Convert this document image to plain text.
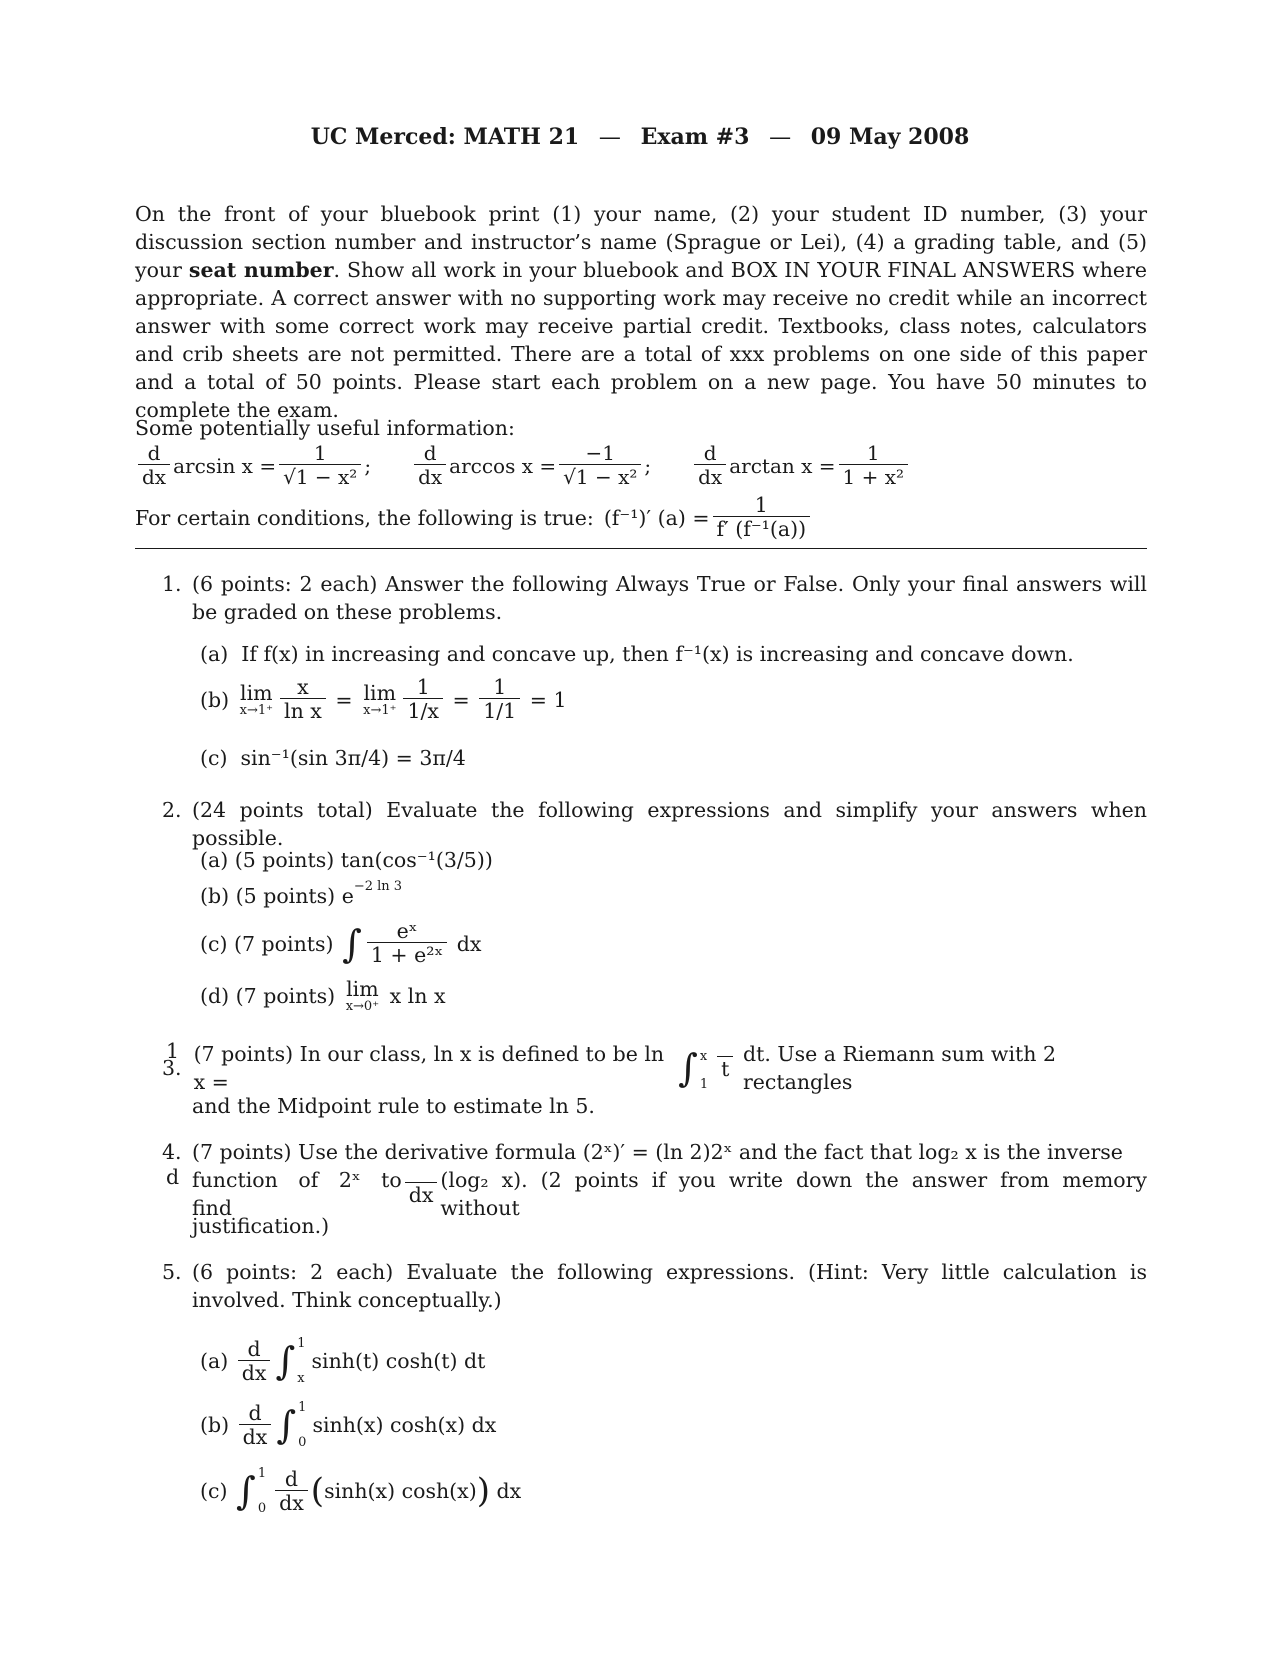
UC Merced: MATH 21 — Exam #3 — 09 May 2008
On the front of your bluebook print (1) your name, (2) your student ID number, (3) your discussion section number and instructor’s name (Sprague or Lei), (4) a grading table, and (5) your seat number. Show all work in your bluebook and BOX IN YOUR FINAL ANSWERS where appropriate. A correct answer with no supporting work may receive no credit while an incorrect answer with some correct work may receive partial credit. Textbooks, class notes, calculators and crib sheets are not permitted. There are a total of xxx problems on one side of this paper and a total of 50 points. Please start each problem on a new page. You have 50 minutes to complete the exam.
Some potentially useful information:
$\frac{d}{dx}$ $\arcsin x = \frac{1}{\text{√1 − x²}}$ ; $\frac{d}{dx}$ $\arccos x = \frac{-1}{\text{√1 − x²}}$ ; $\frac{d}{dx}$ $\arctan x = \frac{1}{\text{1 + x²}}$
For certain conditions, the following is true: (f⁻¹)′ $(a) = \frac{1}{\text{f′ (f⁻¹(a))}}$
1. (6 points: 2 each) Answer the following Always True or False. Only your final answers will be graded on these problems.
(a)
If f(x) in increasing and concave up, then f⁻¹(x) is increasing and concave down.
(b)
lim
$x\to 1^+ \frac{x}{\text{ln x}}$
=
lim
$x\to 1^+ \frac{1}{1/x}$
=
$\frac{1}{1/1}$
= 1
(c)
sin⁻¹(sin 3π/4) = 3π/4
2. (24 points total) Evaluate the following expressions and simplify your answers when possible.
(a) (5 points) tan(cos⁻¹(3/5))
(b) (5 points) $e^{-2 ln 3}$
(c) (7 points)
∫ $\frac{\text{eˣ}}{\text{1 + e²ˣ}}$
dx
(d) (7 points)
lim
x→0⁺
x ln x
3.
(7 points) In our class, ln x is defined to be ln x =	∫ x
1
1
t

dt. Use a Riemann sum with 2 rectangles
and the Midpoint rule to estimate ln 5.
4. (7 points) Use the derivative formula (2ˣ)′ = (ln 2)2ˣ and the fact that log₂ x is the inverse
function of 2ˣ to find
d
dx
(log₂ x). (2 points if you write down the answer from memory without
justification.)
5. (6 points: 2 each) Evaluate the following expressions. (Hint: Very little calculation is involved. Think conceptually.)
(a)
$\frac{d}{dx}$ ∫ 1
x
sinh(t) cosh(t) dt
(b)
$\frac{d}{dx}$ ∫ 1
0
sinh(x) cosh(x) dx
(c)
∫ 1
$0 \frac{d}{dx}$ ( sinh(x) cosh(x) )
dx
